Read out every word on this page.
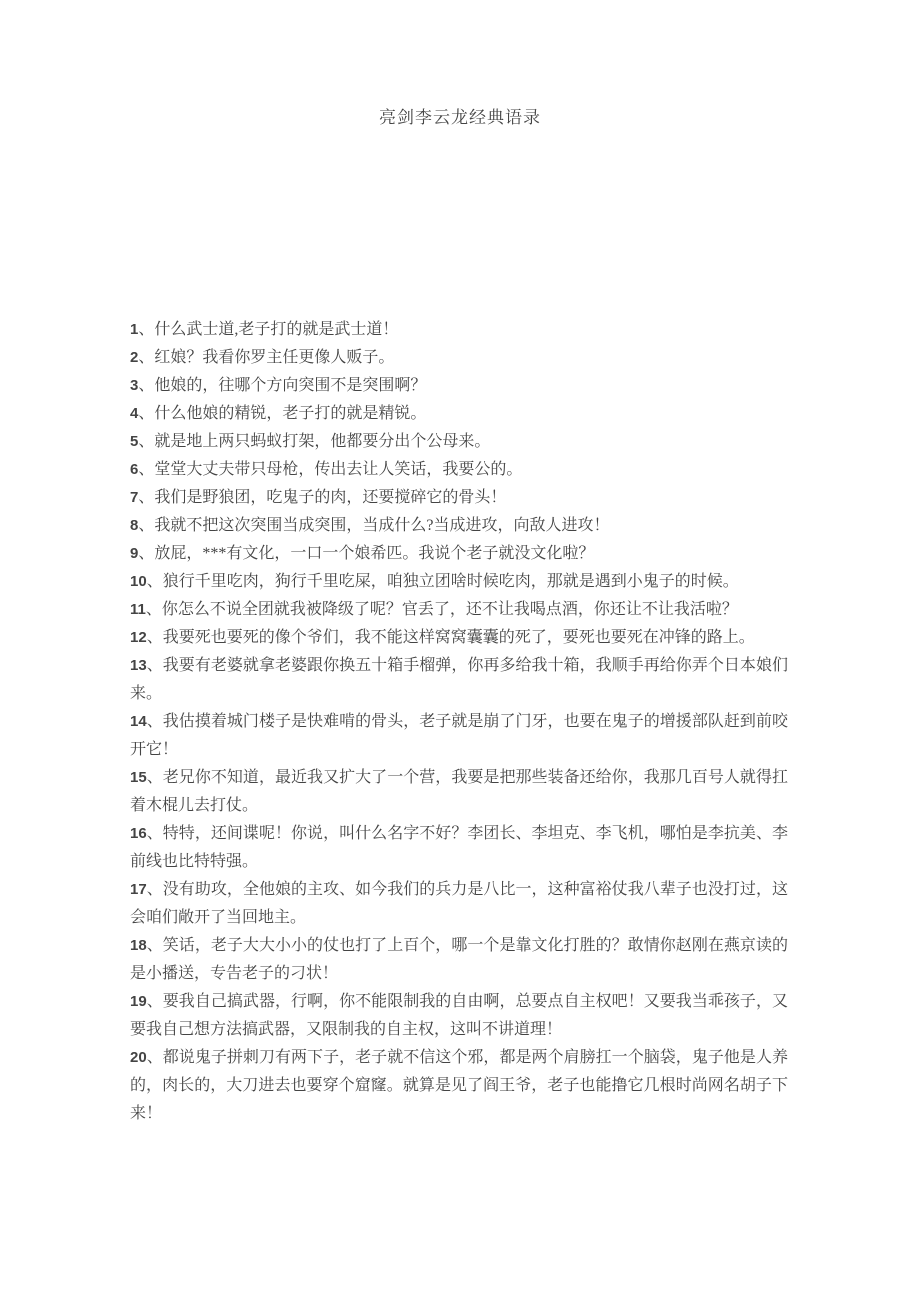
亮剑李云龙经典语录

1、什么武士道,老子打的就是武士道！

2、红娘？我看你罗主任更像人贩子。

3、他娘的，往哪个方向突围不是突围啊？

4、什么他娘的精锐，老子打的就是精锐。

5、就是地上两只蚂蚁打架，他都要分出个公母来。

6、堂堂大丈夫带只母枪，传出去让人笑话，我要公的。

7、我们是野狼团，吃鬼子的肉，还要搅碎它的骨头！

8、我就不把这次突围当成突围，当成什么?当成进攻，向敌人进攻！

9、放屁，***有文化，一口一个娘希匹。我说个老子就没文化啦？

10、狼行千里吃肉，狗行千里吃屎，咱独立团啥时候吃肉，那就是遇到小鬼子的时候。

11、你怎么不说全团就我被降级了呢？官丢了，还不让我喝点酒，你还让不让我活啦？

12、我要死也要死的像个爷们，我不能这样窝窝囊囊的死了，要死也要死在冲锋的路上。

13、我要有老婆就拿老婆跟你换五十箱手榴弹，你再多给我十箱，我顺手再给你弄个日本娘们来。

14、我估摸着城门楼子是快难啃的骨头，老子就是崩了门牙，也要在鬼子的增援部队赶到前咬开它！

15、老兄你不知道，最近我又扩大了一个营，我要是把那些装备还给你，我那几百号人就得扛着木棍儿去打仗。

16、特特，还间谍呢！你说，叫什么名字不好？李团长、李坦克、李飞机，哪怕是李抗美、李前线也比特特强。

17、没有助攻，全他娘的主攻、如今我们的兵力是八比一，这种富裕仗我八辈子也没打过，这会咱们敞开了当回地主。

18、笑话，老子大大小小的仗也打了上百个，哪一个是靠文化打胜的？敢情你赵刚在燕京读的是小播送，专告老子的刁状！

19、要我自己搞武器，行啊，你不能限制我的自由啊，总要点自主权吧！又要我当乖孩子，又要我自己想方法搞武器，又限制我的自主权，这叫不讲道理！

20、都说鬼子拼刺刀有两下子，老子就不信这个邪，都是两个肩膀扛一个脑袋，鬼子他是人养的，肉长的，大刀进去也要穿个窟窿。就算是见了阎王爷，老子也能撸它几根时尚网名胡子下来！
